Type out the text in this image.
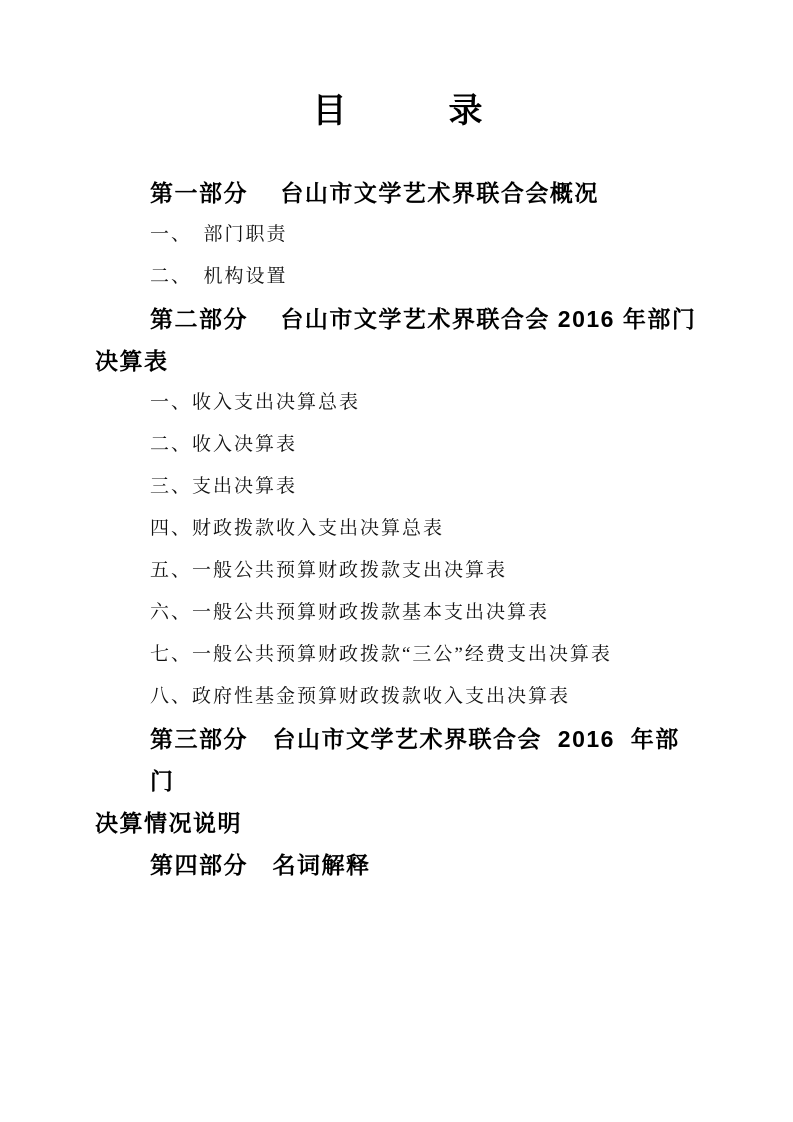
目　　　录
第一部分　 台山市文学艺术界联合会概况
一、　部门职责
二、　机构设置
第二部分　 台山市文学艺术界联合会 2016 年部门
决算表
一、收入支出决算总表
二、收入决算表
三、支出决算表
四、财政拨款收入支出决算总表
五、一般公共预算财政拨款支出决算表
六、一般公共预算财政拨款基本支出决算表
七、一般公共预算财政拨款“三公”经费支出决算表
八、政府性基金预算财政拨款收入支出决算表
第三部分　台山市文学艺术界联合会  2016  年部门
决算情况说明
第四部分　名词解释
